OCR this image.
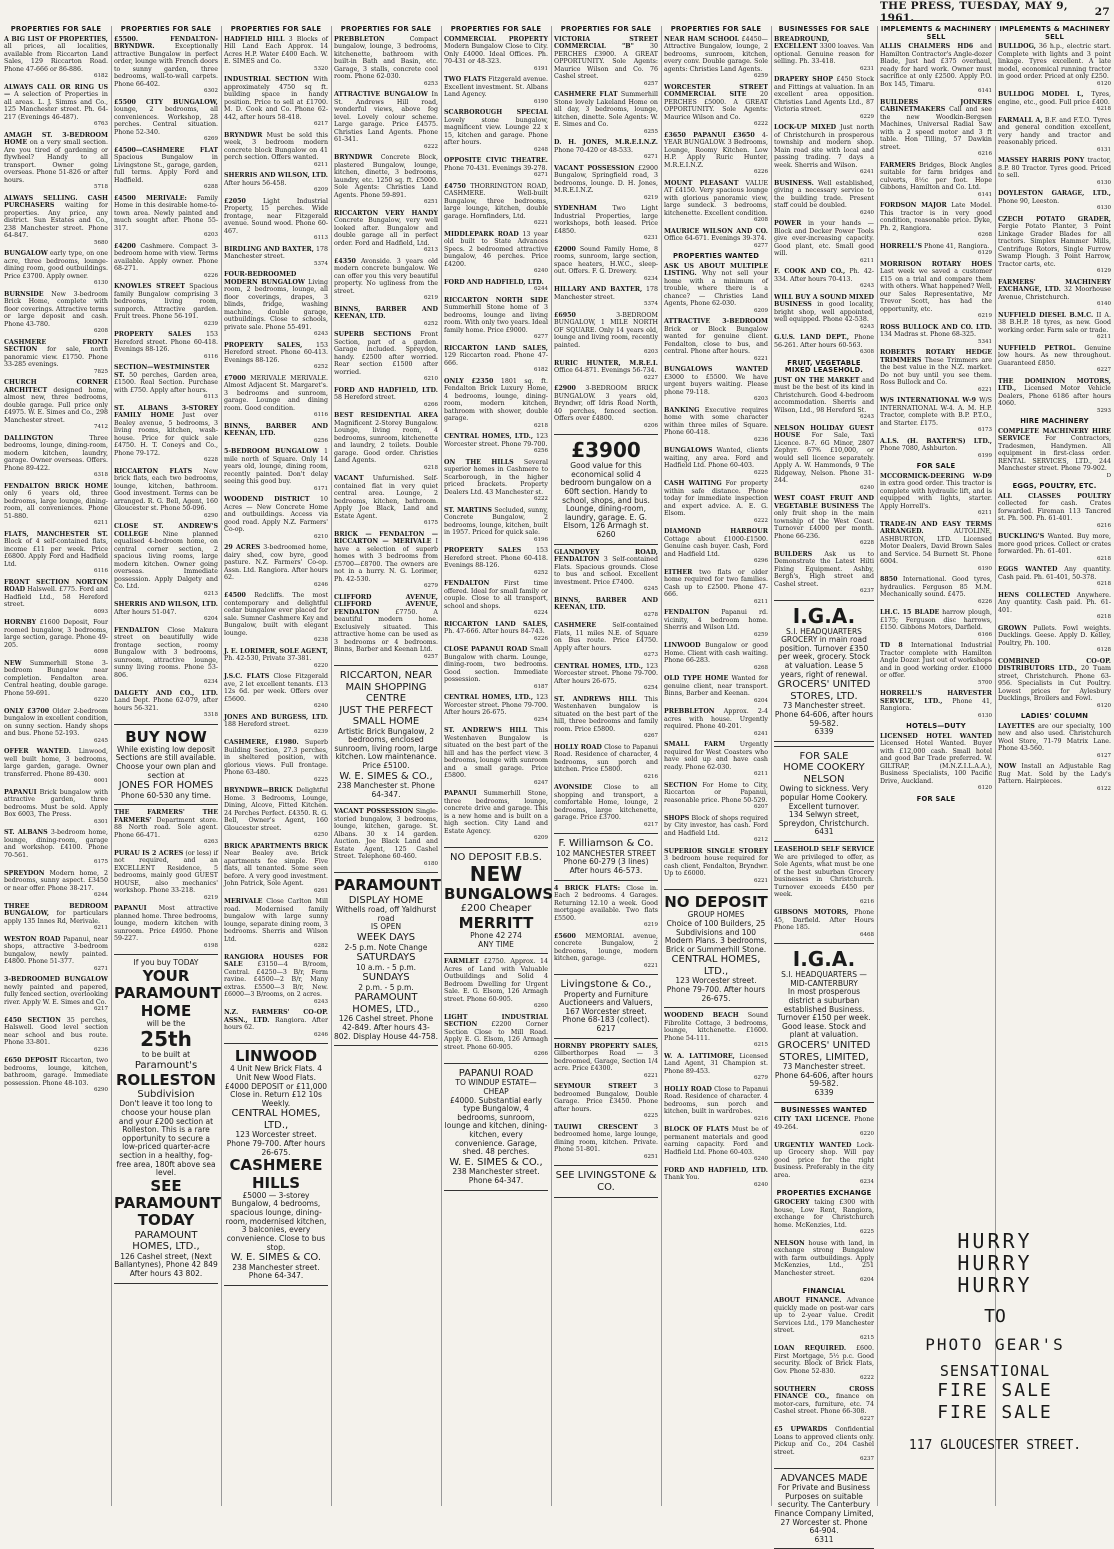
THE PRESS, TUESDAY, MAY 9, 1961.	27
PROPERTIES FOR SALE
A BIG LIST OF PROPERTIES, all prices, all localities, available from Riccarton Land Sales, 129 Riccarton Road. Phone 47-666 or 86-886.
6182
ALWAYS CALL OR RING US — A selection of Properties in all areas. L. J. Simms and Co., 125 Manchester street. Ph. 64-217 (Evenings 46-487).
6763
AMAGH ST. 3-BEDROOM HOME on a very small section. Are you tired of gardening or flywheel? Handy to all transport. Owner going overseas. Phone 51-826 or after hours.
5718
ALWAYS SELLING. CASH PURCHASERS waiting for properties. Any price, any district. Sun Estates and Co., 238 Manchester street. Phone 64-847.
5680
BUNGALOW early type, on one acre, three bedrooms, lounge-dining room, good outbuildings. Price £3700. Apply owner.
6130
BURNSIDE New 3-bedroom Brick Home, complete with floor coverings. Attractive terms or large deposit and cash. Phone 43-780.
6208
CASHMERE FRONT SECTION for sale, north panoramic view. £1750. Phone 33-285 evenings.
7825
CHURCH CORNER ARCHITECT designed home, almost new, three bedrooms, double garage. Full price only £4975. W. E. Simes and Co., 298 Manchester street.
7412
DALLINGTON	Three bedrooms, lounge, dining-room, modern kitchen, laundry, garage. Owner overseas. Offers. Phone 89-422.
6318
FENDALTON BRICK HOME only 6 years old, three bedrooms, large lounge, dining-room, all conveniences. Phone 51-880.
6211
FLATS, MANCHESTER ST. Block of 4 self-contained flats, income £11 per week. Price £6800. Apply Ford and Hadfield Ltd.
6116
FRONT SECTION NORTON ROAD Halswell. £775. Ford and Hadfield Ltd., 58 Hereford street.
6093
HORNBY £1600 Deposit, Four roomed bungalow, 3 bedrooms, large section, garage. Phone 49-205.
6098
NEW Summerhill Stone 3-bedroom Bungalow near completion. Fendalton area. Central heating, double garage. Phone 59-691.
6220
ONLY £3700 Older 2-bedroom bungalow in excellent condition, on sunny section. Handy shops and bus. Phone 52-193.
6245
OFFER WANTED. Linwood, well built home, 3 bedrooms, large garden, garage. Owner transferred. Phone 89-430.
6001
PAPANUI Brick bungalow with attractive garden, three bedrooms. Must be sold. Apply Box 6003, The Press.
6301
ST. ALBANS 3-bedroom home, lounge, dining-room, garage and workshop. £4100. Phone 70-561.
6175
SPREYDON Modern home, 2 bedrooms, sunny aspect. £3450 or near offer. Phone 38-217.
6244
THREE BEDROOM BUNGALOW, for particulars apply 135 Innes Rd, Merivale.
6211
WESTON ROAD Papanui, near shops, attractive 3-bedroom bungalow, newly painted. £4800. Phone 51-377.
6271
3-BEDROOMED BUNGALOW newly painted and papered, fully fenced section, overlooking river. Apply W. E. Simes and Co.
6217
£450 SECTION 35 perches, Halswell. Good level section near school and bus route. Phone 33-801.
6236
£650 DEPOSIT Riccarton, two bedrooms, lounge, kitchen, bathroom, garage. Immediate possession. Phone 48-103.
6290
PROPERTIES FOR SALE
£5500. FENDALTON-BRYNDWR.	Exceptionally attractive Bungalow in perfect order, lounge with French doors to sunny garden, three bedrooms, wall-to-wall carpets. Phone 66-402.
6302
£5500 CITY BUNGALOW, lounge, 2 bedrooms, all conveniences. Workshop, 28 perches. Central situation. Phone 52-340.
6269
£4500—CASHMERE FLAT Spacious Bungalow in Livingstone St., garage, garden, full terms. Apply Ford and Hadfield.
6288
£4500 MERIVALE: Family Home in this desirable home-to-town area. Newly painted and much sought after. Phone 55-317.
6203
£4200 Cashmere. Compact 3-bedroom home with view. Terms available. Apply owner. Phone 68-271.
6226
KNOWLES STREET Spacious family Bungalow comprising 3 bedrooms, living room, sunporch. Attractive garden. Fruit trees. Phone 56-191.
6239
PROPERTY SALES 153 Hereford street. Phone 60-418. Evenings 88-126.
6116
SECTION—WESTMINSTER ST. 50 perches, Garden area, £1500. Real Section. Purchase with £750. Apply after hours.
6113
ST. ALBANS 3-STOREY FAMILY HOME Just over Bealey avenue, 5 bedrooms, 3 living rooms, kitchen, wash-house. Price for quick sale £4750. H. T. Coneys and Co., Phone 79-172.
6228
RICCARTON FLATS New brick flats, each two bedrooms, lounge, kitchen, bathroom. Good investment. Terms can be arranged. R. G. Bell, Agent, 160 Gloucester st. Phone 50-096.
6290
CLOSE ST. ANDREW'S COLLEGE Nine planned equalised 4-bedroom home, on central corner section, 2 spacious living rooms, large modern kitchen. Owner going overseas. Immediate possession. Apply Dalgety and Co. Ltd.
6213
SHERRIS AND WILSON, LTD. After hours 51-047.
6204
FENDALTON Close Makura street on beautifully wide frontage section, roomy Bungalow with 3 bedrooms, sunroom, attractive lounge, sunny living rooms. Phone 53-806.
6234
DALGETY AND CO., LTD. Land Dept. Phone 62-079, after hours 56-321.
5318
BUY NOW
While existing low deposit Sections are still available. Choose your own plan and section at
JONES FOR HOMES
Phone 60-530 any time.
THE FARMERS' THE FARMERS' Department store. 88 North road. Sole agent. Phone 66-471.
6263
PURAU IS 2 ACRES (or less) if not required, and an EXCELLENT Residence, 5 bedrooms, mainly good GUEST HOUSE, also mechanics' workshop. Phone 33-218.
6219
PAPANUI Most attractive planned home. Three bedrooms, lounge, modern kitchen with sunroom. Price £4950. Phone 59-227.
6198
If you buy TODAY
YOUR
PARAMOUNT
HOME
will be the
25th
to be built at
Paramount's
ROLLESTON
Subdivision
Don't leave it too long to choose your house plan and your £200 section at Rolleston. This is a rare opportunity to secure a low-priced quarter-acre section in a healthy, fog-free area, 180ft above sea level.
SEE
PARAMOUNT
TODAY
PARAMOUNT HOMES, LTD.,
126 Cashel street, (Next Ballantynes), Phone 42 849
After hours 43 802.
PROPERTIES FOR SALE
HADFIELD HILL 3 Blocks of Hill Land Each Approx. 14 Acres H.P. Water £400 Each. W. E. SIMES and Co.
5320
INDUSTRIAL SECTION With approximately 4750 sq ft. building space in handy position. Price to sell at £1700. M. D. Cook and Co. Phone 62-442, after hours 58-418.
6217
BRYNDWR Must be sold this week, 3 bedroom modern concrete block Bungalow on 41 perch section. Offers wanted.
6211
SHERRIS AND WILSON, LTD. After hours 56-458.
6209
£2050	Light Industrial Property, 15 perches. Wide frontage, near Fitzgerald avenue. Sound wood. Phone 60-467.
6113
BIRDLING AND BAXTER, 178 Manchester street.
5374
FOUR-BEDROOMED MODERN BUNGALOW Living room, 2 bedrooms, lounge, all floor coverings, drapes, 3 blinds, fridge, washing machine, double garage, outbuildings. Close to schools, private sale. Phone 55-491.
6243
PROPERTY SALES, 153 Hereford street. Phone 60-413. Evenings 88-126.
6252
£7000 MERIVALE MERIVALE. Almost Adjacent St. Margaret's. 3 bedrooms and sunroom, garage. Lounge and dining room. Good condition.
6116
BINNS, BARBER AND KEENAN, LTD.
6256
5-BEDROOM BUNGALOW 1 mile north of Square. Only 14 years old, lounge, dining room, recently painted. Don't delay seeing this good buy.
6171
WOODEND DISTRICT 10 Acres — New Concrete Home and outbuildings. Access via good road. Apply N.Z. Farmers' Co-op.
6210
29 ACRES 3-bedroomed home, dairy shed, cow byre, good pasture. N.Z. Farmers' Co-op. Assn. Ltd. Rangiora. After hours 62.
6246
£4500 Redcliffs. The most contemporary and delightful cedar bungalow ever placed for sale. Sumner Cashmere Key and Bungalow, built with elegant lounge.
6238
J. E. LORIMER, SOLE AGENT, Ph. 42-530, Private 37-381.
6220
J.S.C. FLATS Close Fitzgerald ave, 2 let excellent tenants. £13 12s 6d. per week. Offers over £5600.
6240
JONES AND BURGESS, LTD. 188 Hereford street.
6239
CASHMERE, £1980. Superb Building Section, 27.3 perches, in sheltered position, with glorious views. Full frontage. Phone 63-480.
6225
BRYNDWR—BRICK Delightful Home. 3 Bedrooms, Lounge, Dining, Alcove, Fitted Kitchen. 24 Perches Perfect. £4350. R. G. Bell, Owner's Agent, 160 Gloucester street.
6250
BRICK APARTMENTS BRICK Near Bealey ave. Brick apartments fee simple. Five flats, all tenanted. Some seen before. A very good investment. John Patrick, Sole Agent.
6261
MERIVALE Close Carlton Mill road. Modernised family bungalow with large sunny lounge, separate dining room, 3 bedrooms. Sherris and Wilson Ltd.
6282
RANGIORA HOUSES FOR SALE £3150—4 B/room, Central. £4250—3 B/r, Ferm ravine. £4500—2 B/r, Many extras. £5500—3 B/r, New. £6000—3 B/rooms, on 2 acres.
6243
N.Z. FARMERS' CO-OP. ASSN., LTD. Rangiora. After hours 62.
6246
LINWOOD
4 Unit New Brick Flats. 4 Unit New Wood Flats. £4000 DEPOSIT or £11,000 Close in. Return £12 10s Weekly.
CENTRAL HOMES, LTD.,
123 Worcester street. Phone 79-700. After hours 26-675.
CASHMERE HILLS
£5000 — 3-storey Bungalow, 4 bedrooms, spacious lounge, dining-room, modernised kitchen, 3 balconies, every convenience. Close to bus stop.
W. E. SIMES & CO.
238 Manchester street. Phone 64-347.
PROPERTIES FOR SALE
PREBBLETON	Compact bungalow, lounge, 3 bedrooms, kitchenette, bathroom with built-in Bath and Basin, etc. Garage, 3 stalls, concrete cool room. Phone 62-030.
6253
ATTRACTIVE BUNGALOW In St. Andrews Hill road, wonderful views, above fog level. Lovely colour scheme. Large garage. Price £4575. Christies Land Agents. Phone 61-341.
6222
BRYNDWR Concrete Block, plastered Bungalow, lounge, kitchen, dinette, 3 bedrooms, laundry, etc. 1250 sq. ft. £5000. Sole Agents: Christies Land Agents. Phone 59-891.
6251
RICCARTON VERY HANDY Concrete Bungalow, very well looked after. Bungalow and double garage all in perfect order. Ford and Hadfield, Ltd.
6213
£4350 Avonside. 3 years old modern concrete bungalow. We can offer you this very beautiful property. No ugliness from the street.
6219
BINNS, BARBER AND KEENAN, LTD.
6252
SUPERB SECTIONS Front Section, part of a garden. Garage included. Spreydon, handy. £2500 after worried. Rear section £1500 after worried.
6210
FORD AND HADFIELD, LTD. 58 Hereford street.
6266
BEST RESIDENTIAL AREA Magnificent 2-Storey Bungalow. Lounge, living room, 4 bedrooms, sunroom, kitchenette and laundry, 2 toilets. Double garage. Good order. Christies Land Agents.
6218
VACANT Unfurnished. Self-contained flat in very quiet central area. Lounge, 2 bedrooms, kitchen, bathroom. Apply Joe Black, Land and Estate Agent.
6175
BRICK — FENDALTON — RICCARTON — MERIVALE I have a selection of superb homes with 3 bedrooms from £5700—£8700. The owners are not in a hurry. N. G. Lorimer, Ph. 42-530.
6279
CLIFFORD AVENUE, CLIFFORD AVENUE, FENDALTON	£7750. A beautiful modern home. Exclusively situated. This attractive home can be used as 3 bedrooms or 4 bedrooms. Binns, Barber and Keenan Ltd.
6257
RICCARTON, NEAR MAIN SHOPPING CENTRE
JUST THE PERFECT SMALL HOME
Artistic Brick Bungalow, 2 bedrooms, enclosed sunroom, living room, large kitchen. Low maintenance. Price £5100.
W. E. SIMES & CO.,
238 Manchester st. Phone 64-347.
VACANT POSSESSION Single-storied bungalow, 3 bedrooms, lounge, kitchen, garage. St. Albans. 30 x 14 garden. Auction. Joe Black Land and Estate Agent, 125 Cashel Street. Telephone 60-460.
6180
PARAMOUNT
DISPLAY HOME
Withells road, off Yaldhurst road
IS OPEN
WEEK DAYS
2-5 p.m. Note Change
SATURDAYS
10 a.m. - 5 p.m.
SUNDAYS
2 p.m. - 5 p.m.
PARAMOUNT HOMES, LTD.,
126 Cashel street. Phone 42-849. After hours 43-802. Display House 44-758.
PROPERTIES FOR SALE
COMMERCIAL PROPERTY Modern Bungalow Close to City. Only £4000. Ideal Offices. Ph. 70-431 or 48-323.
6191
TWO FLATS Fitzgerald avenue. Excellent investment. St. Albans Land Agency.
6190
SCARBOROUGH SPECIAL Lovely stone bungalow, magnificent view. Lounge 22 x 15, kitchen and garage. Phone after hours.
6248
OPPOSITE CIVIC THEATRE. Phone 70-431. Evenings 39-278.
6271
£4750 THORRINGTON ROAD, CASHMERE. Well-built Bungalow, three bedrooms, large lounge, kitchen, double garage. Hornfinders, Ltd.
6221
MIDDLEPARK ROAD 13 year old built to State Advances Specs. 2 bedroomed attractive bungalow, 46 perches. Price £4200.
6240
FORD AND HADFIELD, LTD.
6244
RICCARTON NORTH SIDE Summerhill Stone home of 3 bedrooms, lounge and living room. With only two years. Ideal family home. Price £9000.
6277
RICCARTON LAND SALES, 129 Riccarton road. Phone 47-666.
6182
ONLY £2350 1801 sq. ft. Fendalton Brick Luxury Home, 4 bedrooms, lounge, dining-room, modern kitchen, bathroom with shower, double garage.
6218
CENTRAL HOMES, LTD., 123 Worcester street. Phone 79-700.
6256
ON THE HILLS Several superior homes in Cashmere to Scarborough, in the higher priced brackets. Property Dealers Ltd. 43 Manchester st.
6222
ST. MARTINS Secluded, sunny, Concrete Bungalow, 2 bedrooms, lounge, kitchen, built in 1957. Priced for quick sale.
6196
PROPERTY SALES 153 Hereford street. Phone 60-418. Evenings 88-126.
6252
FENDALTON First time offered. Ideal for small family or couple. Close to all transport, school and shops.
6224
RICCARTON LAND SALES, Ph. 47-666. After hours 84-743.
6226
CLOSE PAPANUI ROAD Small Bungalow with charm. Lounge, dining-room, two bedrooms. Good section. Immediate possession.
6187
CENTRAL HOMES, LTD., 123 Worcester street. Phone 79-700. After hours 26-675.
6254
ST. ANDREW'S HILL This Westenhaven Bungalow is situated on the best part of the hill and has the perfect view. 3 bedrooms, lounge with sunroom and a small garage. Price £5800.
6247
PAPANUI Summerhill Stone, three bedrooms, lounge, concrete drive and garage. This is a new home and is built on a high section. City Land and Estate Agency.
6209
NO DEPOSIT F.B.S.
NEW
BUNGALOWS
£200 Cheaper
MERRITT
Phone 42 274
ANY TIME
FARMLET £2750. Approx. 14 Acres of Land with Valuable Outbuildings and Solid 4 Bedroom Dwelling for Urgent Sale. E. G. Elsom, 126 Armagh street. Phone 60-905.
6260
LIGHT INDUSTRIAL SECTION £2200 Corner Section Close to Mill Road. Apply E. G. Elsom, 126 Armagh street. Phone 60-905.
6266
PAPANUI ROAD
TO WINDUP ESTATE—CHEAP
£4000. Substantial early type Bungalow, 4 bedrooms, sunroom, lounge and kitchen, dining-kitchen, every convenience. Garage, shed. 48 perches.
W. E. SIMES & CO.,
238 Manchester street. Phone 64-347.
PROPERTIES FOR SALE
VICTORIA STREET COMMERCIAL "B"	30 PERCHES £3900. A GREAT OPPORTUNITY. Sole Agents: Maurice Wilson and Co. 76 Cashel street.
6257
CASHMERE FLAT Summerhill Stone lovely Lakeland Home on all day, 3 bedrooms, lounge, kitchen, dinette. Sole Agents: W. E. Simes and Co.
6255
D. H. JONES, M.R.E.I.N.Z. Phone 70-420 or 48-533.
6271
VACANT POSSESSION £2900 Bungalow, Springfield road, 3 bedrooms, lounge. D. H. Jones, M.R.E.I.N.Z.
6219
SYDENHAM Two Light Industrial Properties, large workshops, both leased. Price £4850.
6231
£2000 Sound Family Home, 8 rooms, sunroom, large section, space heaters, H.W.C., sleep-out. Offers. F. G. Drewery.
6234
HILLARY AND BAXTER, 178 Manchester street.
5374
£6950	3-BEDROOM BUNGALOW, 1 MILE NORTH OF SQUARE. Only 14 years old, lounge and living room, recently painted.
6203
RURIC HUNTER, M.R.E.I. Office 64-871. Evenings 56-734.
6227
£2900 3-BEDROOM BRICK BUNGALOW. 3 years old, Bryndwr, off Idris Road North, 40 perches, fenced section. Offers over £4800.
6206
£3900
Good value for this economical solid 4 bedroom bungalow on a 60ft section. Handy to school, shops, and bus. Lounge, dining-room, laundry, garage. E. G. Elsom, 126 Armagh st.
6260
GLANDOVEY ROAD, FENDALTON 3 Self-contained Flats. Spacious grounds. Close to bus and school. Excellent investment. Price £7400.
6245
BINNS, BARBER AND KEENAN, LTD.
6278
CASHMERE	Self-contained Flats, 11 miles N.E. of Square on Bus route. Price £4750. Apply after hours.
6273
CENTRAL HOMES, LTD., 123 Worcester street. Phone 79-700. After hours 26-675.
6254
ST. ANDREWS HILL This Westenhaven bungalow is situated on the best part of the hill, three bedrooms and family room. Price £5800.
6267
HOLLY ROAD Close to Papanui Road. Residence of character, 4 bedrooms, sun porch and kitchen. Price £5800.
6216
AVONSIDE Close to all shopping and transport, a comfortable Home, lounge, 2 bedrooms, large kitchenette, garage. Price £3700.
6217
F. Williamson & Co.
102 MANCHESTER STREET
Phone 60-279 (3 lines)
After hours 46-573.
4 BRICK FLATS: Close in. Each 2 bedrooms. 4 Garages. Returning 12.10 a week. Good mortgage available. Two flats £5500.
6219
£5600 MEMORIAL avenue, concrete Bungalow, 2 bedrooms, lounge, modern kitchen, garage.
6221
Livingstone & Co.,
Property and Furniture Auctioneers and Valuers, 167 Worcester street. Phone 68-183 (collect).
6217
HORNBY PROPERTY SALES, Gilberthorpes Road — 3 bedroomed, Garage, Section 1/4 acre. Price £4300.
6221
SEYMOUR STREET	3 bedroomed Bungalow, Double Garage. Price £3450. Phone after hours.
6225
TAUIWI CRESCENT	3 bedroomed home, large lounge, dining room, kitchen. Private. Phone 51-801.
6251
SEE LIVINGSTONE & CO.
PROPERTIES FOR SALE
NEAR HAM SCHOOL £4450—Attractive Bungalow, lounge, 2 bedrooms, sunroom, kitchen, every conv. Double garage. Sole agents: Christies Land Agents.
6259
WORCESTER STREET COMMERCIAL SITE 20 PERCHES £5000. A GREAT OPPORTUNITY. Sole Agents: Maurice Wilson and Co.
6222
£3650 PAPANUI £3650 4-YEAR BUNGALOW. 3 Bedrooms, Lounge, Roomy Kitchen. Low H.P. Apply Ruric Hunter, M.R.E.I.N.Z.
6226
MOUNT PLEASANT VALUE AT £4150. Very spacious lounge with glorious panoramic view, large sundeck. 3 bedrooms, kitchenette. Excellent condition.
6208
MAURICE WILSON AND CO. Office 64-671. Evenings 39-374.
6277
PROPERTIES WANTED
ASK US ABOUT MULTIPLE LISTING. Why not sell your home with a minimum of trouble, where there is a chance? — Christies Land Agents, Phone 62-030.
6209
ATTRACTIVE 3-BEDROOM Brick or Block Bungalow wanted for genuine client. Fendalton, close to bus, and central. Phone after hours.
6221
BUNGALOWS WANTED £3000 to £5500. We have urgent buyers waiting. Please phone 79-118.
6203
BANKING Executive requires home with some character within three miles of Square. Phone 60-418.
6236
BUNGALOWS Wanted, clients waiting, any area. Ford and Hadfield Ltd. Phone 60-403.
6225
CASH WAITING For property within safe distance. Phone today for immediate inspection and expert advice. A. E. G. Elsom.
6222
DIAMOND HARBOUR Cottage about £1000-£1500. Genuine cash buyer. Cash, Ford and Hadfield Ltd.
6296
EITHER two flats or older home required for two families. Cash up to £2500. Phone 47-666.
6211
FENDALTON Papanui rd. vicinity, 4 bedroom home. Sherris and Wilson Ltd.
6259
LINWOOD Bungalow or good Home. Client with cash waiting. Phone 66-283.
6268
OLD TYPE HOME Wanted for genuine client, near transport. Binns, Barber and Keenan.
6204
PREBBLETON Approx. 2-4 acres with house. Urgently required. Phone 40-201.
6241
SMALL FARM Urgently required for West Coasters who have sold up and have cash ready. Phone 62-030.
6211
SECTION For Home to City, Riccarton or Papanui, reasonable price. Phone 50-529.
6207
SHOPS Block of shops required by City investor, has cash. Ford and Hadfield Ltd.
6212
SUPERIOR SINGLE STOREY 3 bedroom house required for cash client, Fendalton, Bryndwr. Up to £6000.
6221
NO DEPOSIT
GROUP HOMES
Choice of 100 Builders, 25 Subdivisions and 100 Modern Plans. 3 bedrooms, Brick or Summerhill Stone.
CENTRAL HOMES, LTD.,
123 Worcester street. Phone 79-700. After hours 26-675.
WOODEND BEACH Sound Fibrolite Cottage, 3 bedrooms, lounge, kitchenette. £1600. Phone 54-111.
6215
W. A. LATTIMORE, Licensed Land Agent, 31 Champion st. Phone 89-453.
6279
HOLLY ROAD Close to Papanui Road. Residence of character. 4 bedrooms, sun porch and kitchen, built in wardrobes.
6216
BLOCK OF FLATS Must be of permanent materials and good earning capacity. Ford and Hadfield Ltd. Phone 60-403.
6240
FORD AND HADFIELD, LTD. Thank You.
6240
BUSINESSES FOR SALE
BREADROUND, EXCELLENT 3300 loaves. Van optional. Genuine reason for selling. Ph. 33-418.
6231
DRAPERY SHOP £450 Stock and Fittings at valuation. In an excellent area opposition. Christies Land Agents Ltd., 87 Victoria street.
6229
LOCK-UP MIXED Just north of Christchurch in prosperous township and modern shop. Main road site with local and passing trading. 7 days a week. Sherris and Wilson.
6241
BUSINESS. Well established, giving a necessary service to the building trade. Present staff could be doubled.
6240
POWER in your hands — Block and Decker Power Tools give ever-increasing capacity. Good plant, etc. Small good will.
6211
F. COOK AND CO., Ph. 42-334. After hours 70-413.
6243
WILL BUY A SOUND MIXED BUSINESS in good locality, bright shop, well appointed, well equipped. Phone 42-538.
6243
G.U.S. LAND DEPT., Phone 56-261. After hours 60-563.
6308
FRUIT, VEGETABLE MIXED LEASEHOLD.
JUST ON THE MARKET and must be the best of its kind in Christchurch. Good 4-bedroom accommodation. Sherris and Wilson, Ltd., 98 Hereford St.
6243
NELSON HOLIDAY GUEST HOUSE For Sale, Taxi Licence. 8-7. 6G Minor, 2807 Zephyr. 67% £10,000, or would sell licence separately. Apply A. W. Hammonds, 9 The Ridgeway, Nelson. Phone 31-244.
6240
WEST COAST FRUIT AND VEGETABLE BUSINESS The only fruit shop in the main township of the West Coast. Turnover £4000 per month. Phone 66-236.
6228
BUILDERS Ask us to Demonstrate the Latest Hilti Fixing Equipment. Ashby, Bergh's, High street and Cashel street.
6237
I.G.A.
S.I. HEADQUARTERS
GROCERY in main road position. Turnover £350 per week, grocery. Stock at valuation. Lease 5 years, right of renewal.
GROCERS' UNITED STORES, LTD.
73 Manchester street. Phone 64-606, after hours 59-582.
6339
FOR SALE
HOME COOKERY
NELSON
Owing to sickness. Very popular Home Cookery. Excellent turnover.
134 Selwyn street, Spreydon, Christchurch.
6431
LEASEHOLD SELF SERVICE We are privileged to offer, as Sole Agents, what must be one of the best suburban Grocery businesses in Christchurch. Turnover exceeds £450 per week.
6216
GIBSONS MOTORS, Phone 45, Darfield. After Hours Phone 185.
6468
I.G.A.
S.I. HEADQUARTERS — MID-CANTERBURY
In most prosperous district a suburban established Business. Turnover £150 per week. Good lease. Stock and plant at valuation.
GROCERS' UNITED STORES, LIMITED,
73 Manchester street. Phone 64-606, after hours 59-582.
6339
BUSINESSES WANTED
CITY TAXI LICENCE. Phone 49-264.
6220
URGENTLY WANTED Lock-up Grocery shop. Will pay good price for the right business. Preferably in the city area.
6234
PROPERTIES EXCHANGE
GROCERY taking £300 with house, Low Rent, Rangiora, exchange for Christchurch home. McKenzies, Ltd.
6225
NELSON house with land, in exchange strong Bungalow with farm outbuildings. Apply McKenzies, Ltd., 251 Manchester street.
6204
FINANCIAL
ABOUT FINANCE. Advance quickly made on post-war cars up to 2-year value. Credit Services Ltd., 179 Manchester street.
6215
LOAN REQUIRED. £600. First Mortgage, 5½ p.c. Good security. Block of Brick Flats, Gov. Phone 52-830.
6222
SOUTHERN CROSS FINANCE CO., finance on motor-cars, furniture, etc. 74 Cashel street. Phone 66-308.
6227
£5 UPWARDS Confidential Loans to approved clients only. Pickup and Co., 204 Cashel street.
6237
ADVANCES MADE
For Private and Business Purposes on suitable security. The Canterbury Finance Company Limited, 27 Worcester st. Phone 64-904.
6311
IMPLEMENTS & MACHINERY SELL
ALLIS CHALMERS HD6 and Hamilton Contractor's Angle-dozer Blade, Just had £375 overhaul, ready for hard work. Owner must sacrifice at only £2500. Apply P.O. Box 145, Timaru.
6141
BUILDERS JOINERS CABINETMAKERS Call and see the new Woodkin-Bergsen Machines, Universal Radial Saw with a 2 speed motor and 3 ft table. Hon Tilling, 57 Dawkin street.
6216
FARMERS Bridges, Block Angles suitable for farm bridges and culverts, 8½c per foot. Hope Gibbons, Hamilton and Co. Ltd.
6141
FORDSON MAJOR Late Model. This tractor is in very good condition, reasonable price. Dyke, Ph. 2, Rangiora.
6268
HORRELL'S Phone 41, Rangiora.
6129
MORRISON ROTARY HOES Last week we saved a customer £15 on a trial and compare them with others. What happened? Well, our Sales Representative, Mr Trevor Scott, has had the opportunity, etc.
6219
ROSS BULLOCK AND CO. LTD. 134 Madras st. Phone 68-325.
5341
ROBERTS ROTARY HEDGE TRIMMERS These Trimmers are the best value in the N.Z. market. Do not buy until you see them. Ross Bullock and Co.
6221
W/S INTERNATIONAL W-9 W/S INTERNATIONAL W-4. A. M. H.P. Tractor, complete with B.P. P.T.O., and Starter. £175.
6173
A.I.S. (H. BAXTER'S) LTD., Phone 7080, Ashburton.
6199
FOR SALE
MCCORMICK-DEERING W-D9 in extra good order. This tractor is complete with hydraulic lift, and is equipped with lights, starter. Apply Horrell's.
6211
TRADE-IN AND EASY TERMS ARRANGED.	AUTOLINE, ASHBURTON, LTD. Licensed Motor Dealers, David Brown Sales and Service. 54 Burnett St. Phone 6004.
6190
8850 International. Good tyres, hydraulics. Ferguson 85 M.M. Mechanically sound. £475.
6226
LH.C. 15 BLADE harrow plough, £175; Ferguson disc harrows, £150. Gibbons Motors, Darfield.
6166
TD 8 International Industrial Tractor complete with Hamilton Angle Dozer. Just out of workshops and in good working order. £1000 or offer.
5700
HORRELL'S HARVESTER SERVICE, LTD., Phone 41, Rangiora.
6130
HOTELS—DUTY
LICENSED HOTEL WANTED Licensed Hotel Wanted. Buyer with £12,000 cash. Small hotel and good Bar Trade preferred. W. GILTRAP, (M.N.Z.I.L.A.A.), Business Specialists, 100 Pacific Drive, Auckland.
6120
FOR SALE
IMPLEMENTS & MACHINERY SELL
BULLDOG, 36 h.p., electric start. Complete with lights and 3 point linkage. Tyres excellent. A late model, economical running tractor in good order. Priced at only £250.
6120
BULLDOG MODEL L, Tyres, engine, etc., good. Full price £400.
6218
FARMALL A, B.F. and F.T.O. Tyres and general condition excellent, very handy and tractor and reasonably priced.
6131
MASSEY HARRIS PONY tractor, 8.P. 80 Tractor. Tyres good. Priced to sell.
6130
DOYLESTON GARAGE, LTD., Phone 90, Leeston.
6130
CZECH POTATO GRADER, Fergie Potato Planter, 3 Point Linkage Grader Blades for all tractors. Simplex Hammer Mills, Centrifuge Rotors, Single Furrow Swamp Plough. 3 Point Harrow, Tractor carts, etc.
6129
FARMERS' MACHINERY EXCHANGE, LTD. 32 Moorhouse Avenue, Christchurch.
6140
NUFFIELD DIESEL B.M.C. II A. 38 B.H.P. 18 tyres, as new. Good working order. Farm sale or trade.
6211
NUFFIELD PETROL. Genuine low hours. As new throughout. Guaranteed £850.
6227
THE DOMINION MOTORS, LTD., Licensed Motor Vehicle Dealers, Phone 6186 after hours 4060.
5293
HIRE MACHINERY
COMPLETE MACHINERY HIRE SERVICE For Contractors, Tradesmen, Handymen. All equipment in first-class order. RENTAL SERVICES, LTD., 244 Manchester street. Phone 79-902.
D
EGGS, POULTRY, ETC.
ALL CLASSES POULTRY collected for cash. Crates forwarded. Fireman 113 Tancred st. Ph. 500. Ph. 61-401.
6216
BUCKLING'S Wanted. Buy more, more good prices. Collect or crates forwarded. Ph. 61-401.
6218
EGGS WANTED Any quantity. Cash paid. Ph. 61-401, 50-378.
6218
HENS COLLECTED Anywhere. Any quantity. Cash paid. Ph. 61-401.
6218
GROWN Pullets. Fowl weights. Ducklings. Geese. Apply D. Kelley, Poultry, Ph. 100.
6128
COMBINED CO-OP. DISTRIBUTORS LTD., 20 Tuam street, Christchurch. Phone 63-956. Specialists in Cut Poultry. Lowest prices for Aylesbury Ducklings, Broilers and Fowl.
6120
LADIES' COLUMN
LAYETTES are our specialty, 100 new and also used. Christchurch Wool Store, 71-79 Matrix Lane. Phone 43-560.
6127
NOW Install an Adjustable Rag Rug Mat. Sold by the Lady's Pattern. Hairpieces.
6122
HURRY
HURRY
HURRY
TO
PHOTO GEAR'S
SENSATIONAL
FIRE SALE
FIRE SALE
117 GLOUCESTER STREET.
